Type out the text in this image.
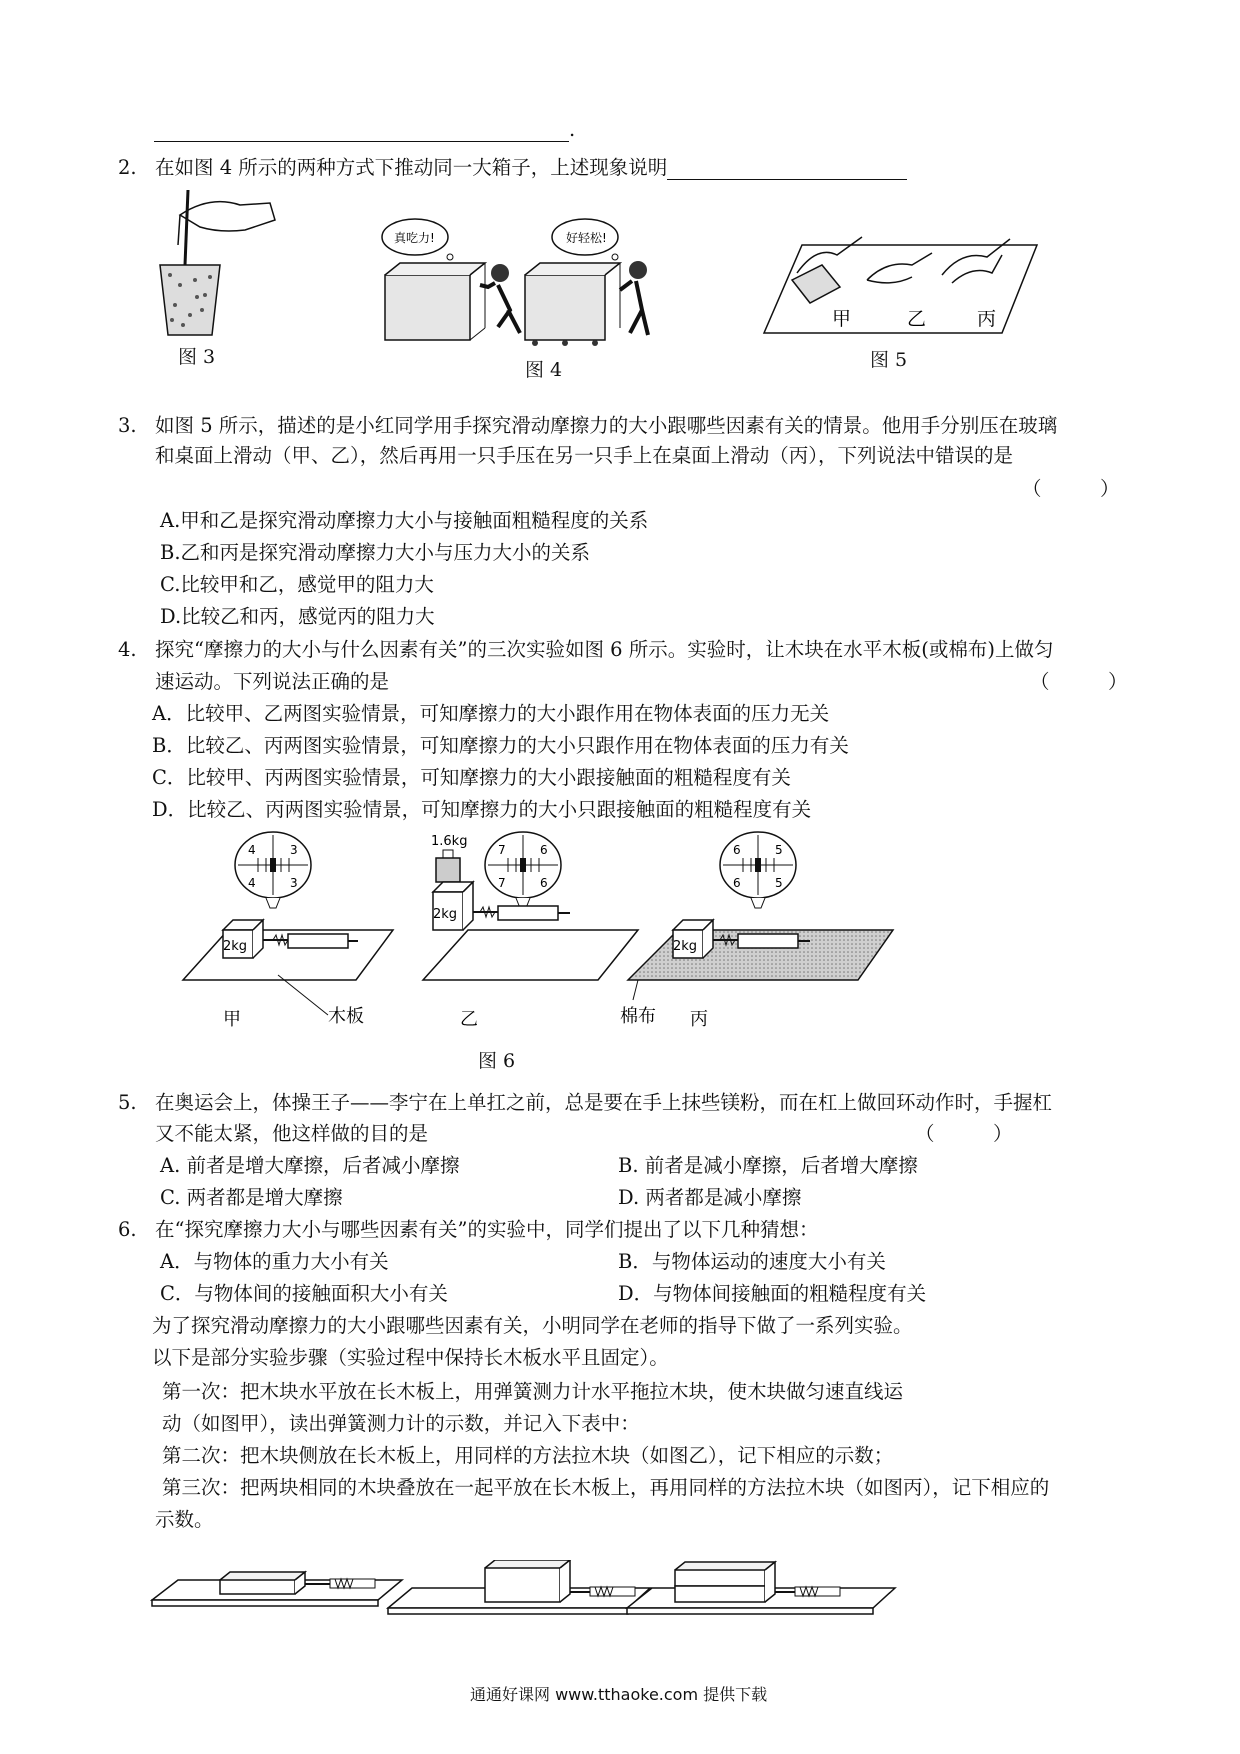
.
2. 在如图 4 所示的两种方式下推动同一大箱子，上述现象说明
图 3
真吃力!	好轻松!
图 4
甲	乙	丙
图 5
3. 如图 5 所示，描述的是小红同学用手探究滑动摩擦力的大小跟哪些因素有关的情景。他用手分别压在玻璃
和桌面上滑动（甲、乙），然后再用一只手压在另一只手上在桌面上滑动（丙），下列说法中错误的是
（　　　）
A.甲和乙是探究滑动摩擦力大小与接触面粗糙程度的关系
B.乙和丙是探究滑动摩擦力大小与压力大小的关系
C.比较甲和乙，感觉甲的阻力大
D.比较乙和丙，感觉丙的阻力大
4. 探究“摩擦力的大小与什么因素有关”的三次实验如图 6 所示。实验时，让木块在水平木板(或棉布)上做匀
速运动。下列说法正确的是	（　　　）
A．比较甲、乙两图实验情景，可知摩擦力的大小跟作用在物体表面的压力无关
B．比较乙、丙两图实验情景，可知摩擦力的大小只跟作用在物体表面的压力有关
C．比较甲、丙两图实验情景，可知摩擦力的大小跟接触面的粗糙程度有关
D．比较乙、丙两图实验情景，可知摩擦力的大小只跟接触面的粗糙程度有关
4	3
4	3
2kg
甲	木板
7	6
7	6
1.6kg
2kg
乙
6	5
6	5
2kg
棉布 丙
图 6
5. 在奥运会上，体操王子——李宁在上单扛之前，总是要在手上抹些镁粉，而在杠上做回环动作时，手握杠
又不能太紧，他这样做的目的是	（　　　）
A. 前者是增大摩擦，后者减小摩擦	B. 前者是减小摩擦，后者增大摩擦
C. 两者都是增大摩擦	D. 两者都是减小摩擦
6. 在“探究摩擦力大小与哪些因素有关”的实验中，同学们提出了以下几种猜想：
A．与物体的重力大小有关	B．与物体运动的速度大小有关
C．与物体间的接触面积大小有关	D．与物体间接触面的粗糙程度有关
为了探究滑动摩擦力的大小跟哪些因素有关，小明同学在老师的指导下做了一系列实验。
以下是部分实验步骤（实验过程中保持长木板水平且固定）。
第一次：把木块水平放在长木板上，用弹簧测力计水平拖拉木块，使木块做匀速直线运
动（如图甲），读出弹簧测力计的示数，并记入下表中：
第二次：把木块侧放在长木板上，用同样的方法拉木块（如图乙），记下相应的示数；
第三次：把两块相同的木块叠放在一起平放在长木板上，再用同样的方法拉木块（如图丙），记下相应的
示数。
通通好课网 www.tthaoke.com 提供下载
